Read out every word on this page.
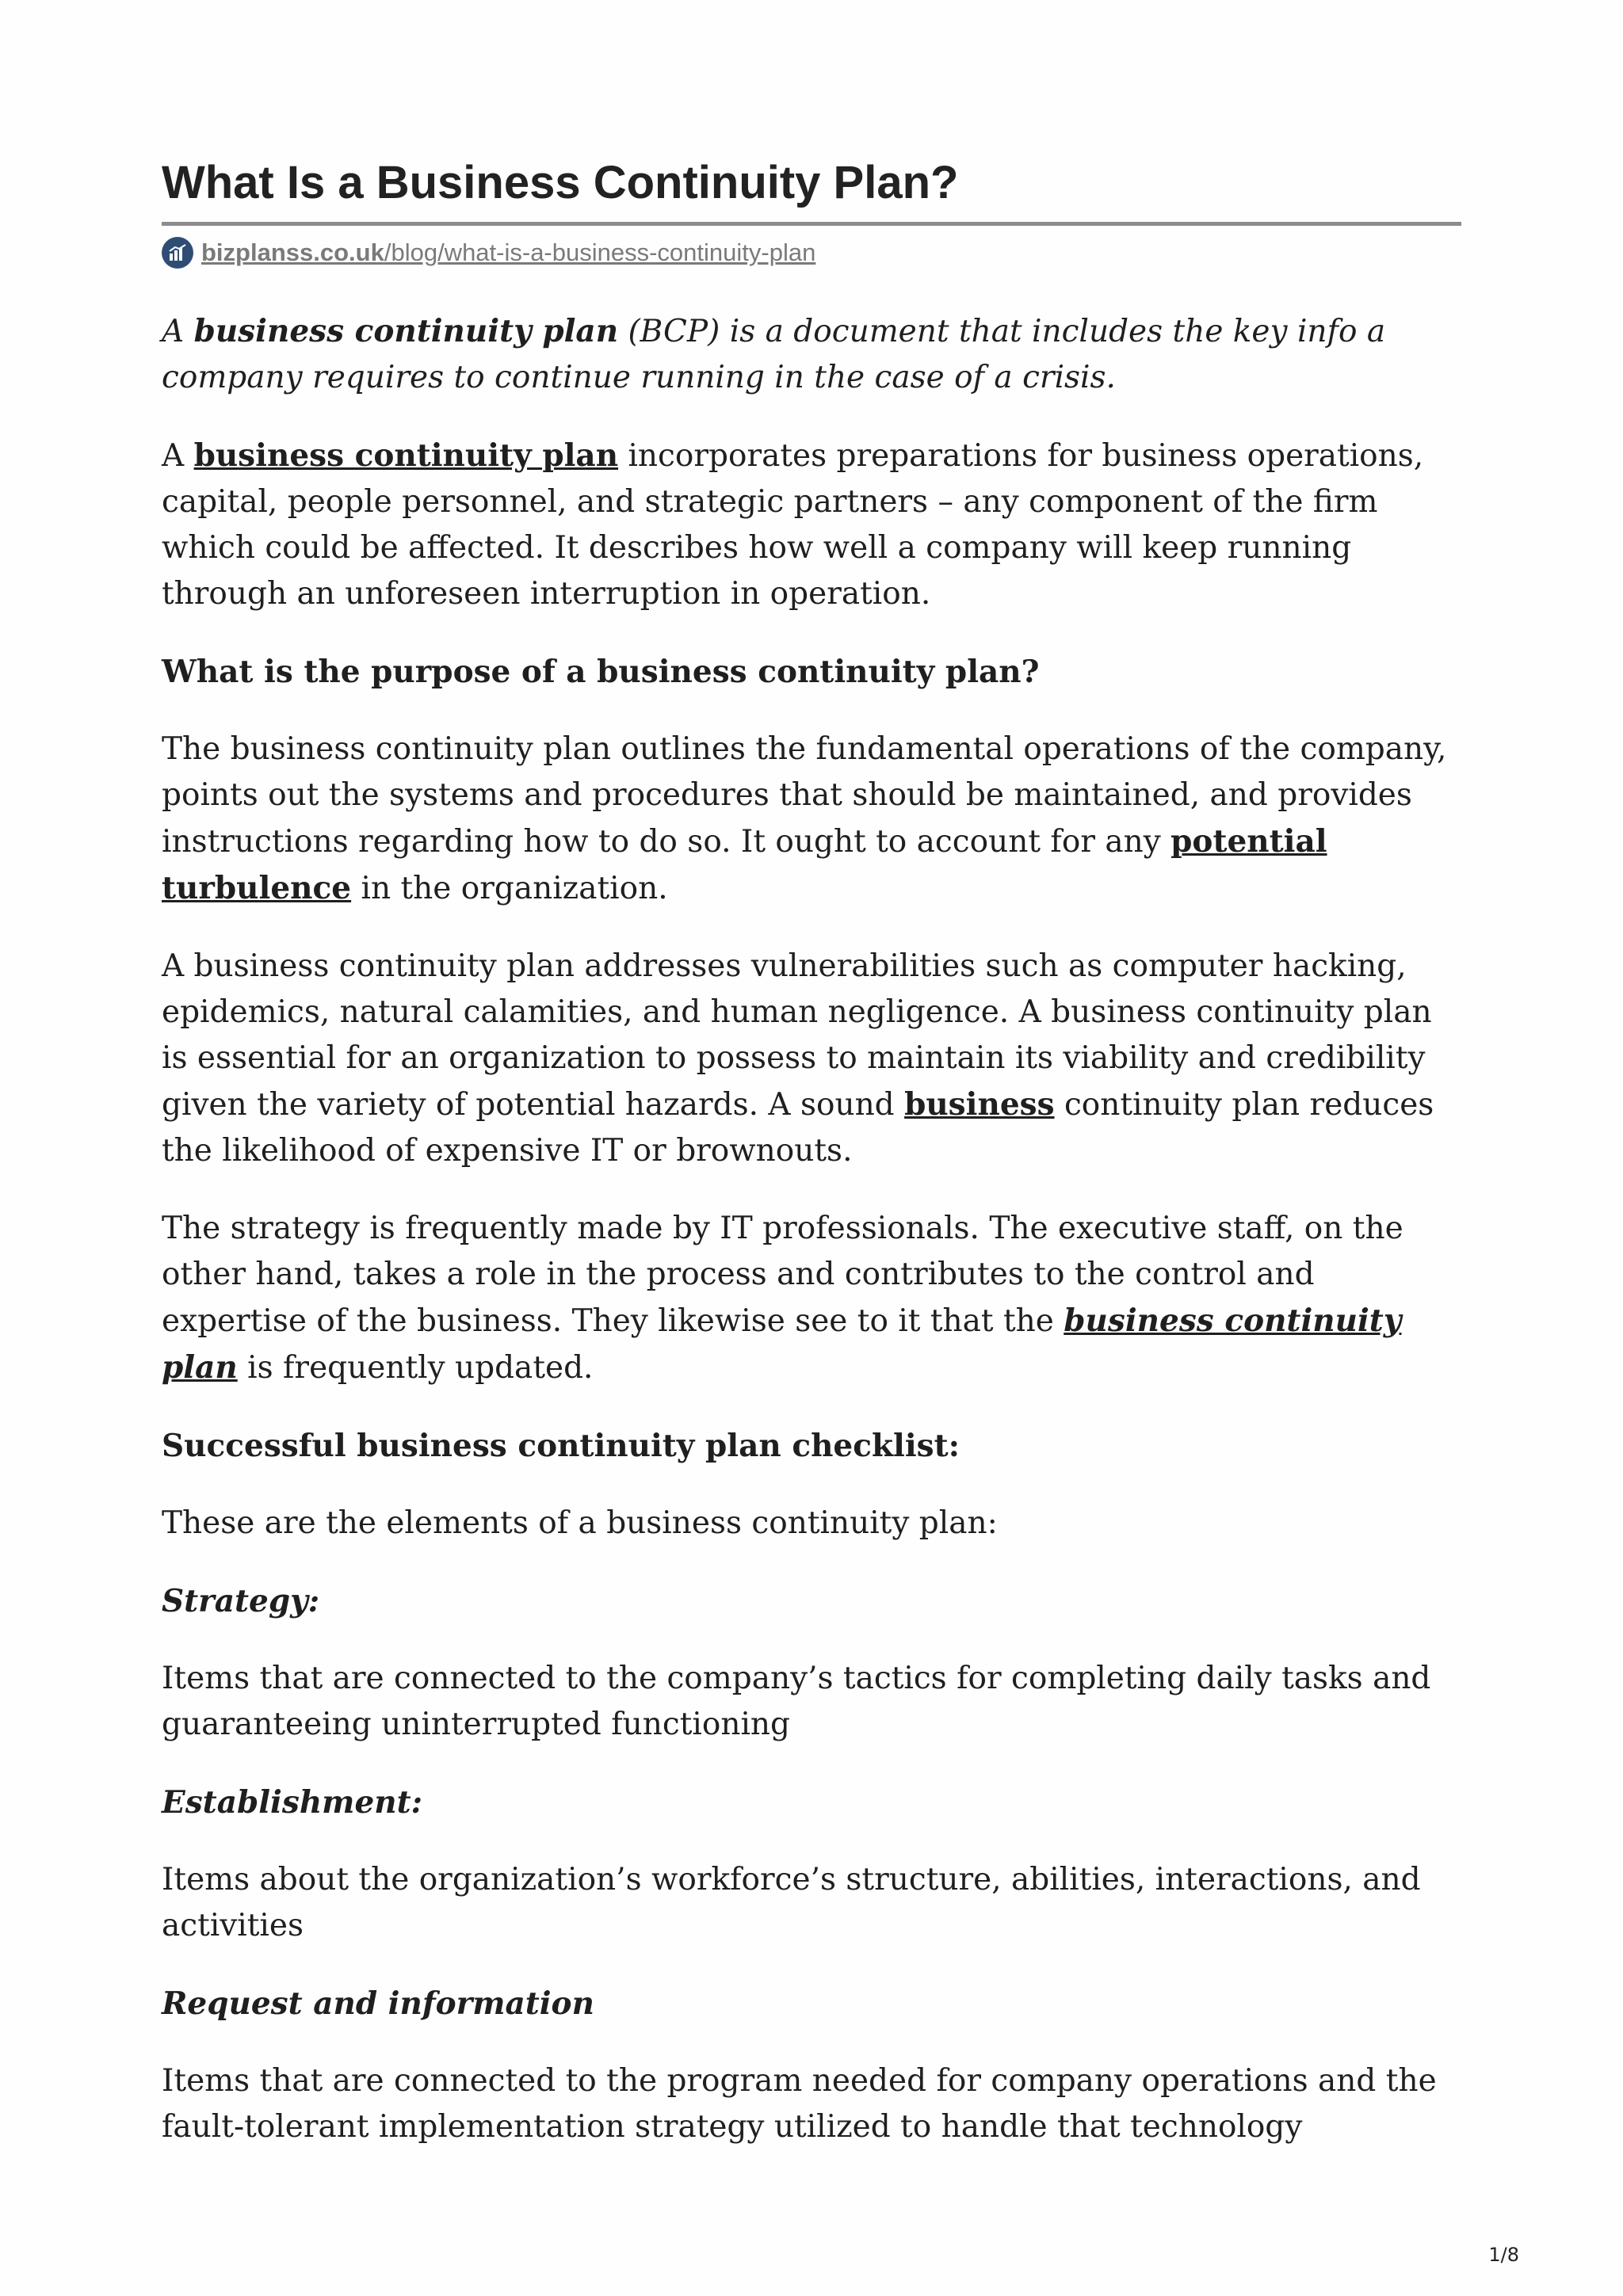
What Is a Business Continuity Plan?
bizplanss.co.uk/blog/what-is-a-business-continuity-plan

A business continuity plan (BCP) is a document that includes the key info a company requires to continue running in the case of a crisis.

A business continuity plan incorporates preparations for business operations, capital, people personnel, and strategic partners – any component of the firm which could be affected. It describes how well a company will keep running through an unforeseen interruption in operation.

What is the purpose of a business continuity plan?

The business continuity plan outlines the fundamental operations of the company, points out the systems and procedures that should be maintained, and provides instructions regarding how to do so. It ought to account for any potential turbulence in the organization.

A business continuity plan addresses vulnerabilities such as computer hacking, epidemics, natural calamities, and human negligence. A business continuity plan is essential for an organization to possess to maintain its viability and credibility given the variety of potential hazards. A sound business continuity plan reduces the likelihood of expensive IT or brownouts.

The strategy is frequently made by IT professionals. The executive staff, on the other hand, takes a role in the process and contributes to the control and expertise of the business. They likewise see to it that the business continuity plan is frequently updated.

Successful business continuity plan checklist:

These are the elements of a business continuity plan:

Strategy:

Items that are connected to the company’s tactics for completing daily tasks and guaranteeing uninterrupted functioning

Establishment:

Items about the organization’s workforce’s structure, abilities, interactions, and activities

Request and information

Items that are connected to the program needed for company operations and the fault-tolerant implementation strategy utilized to handle that technology

1/8
